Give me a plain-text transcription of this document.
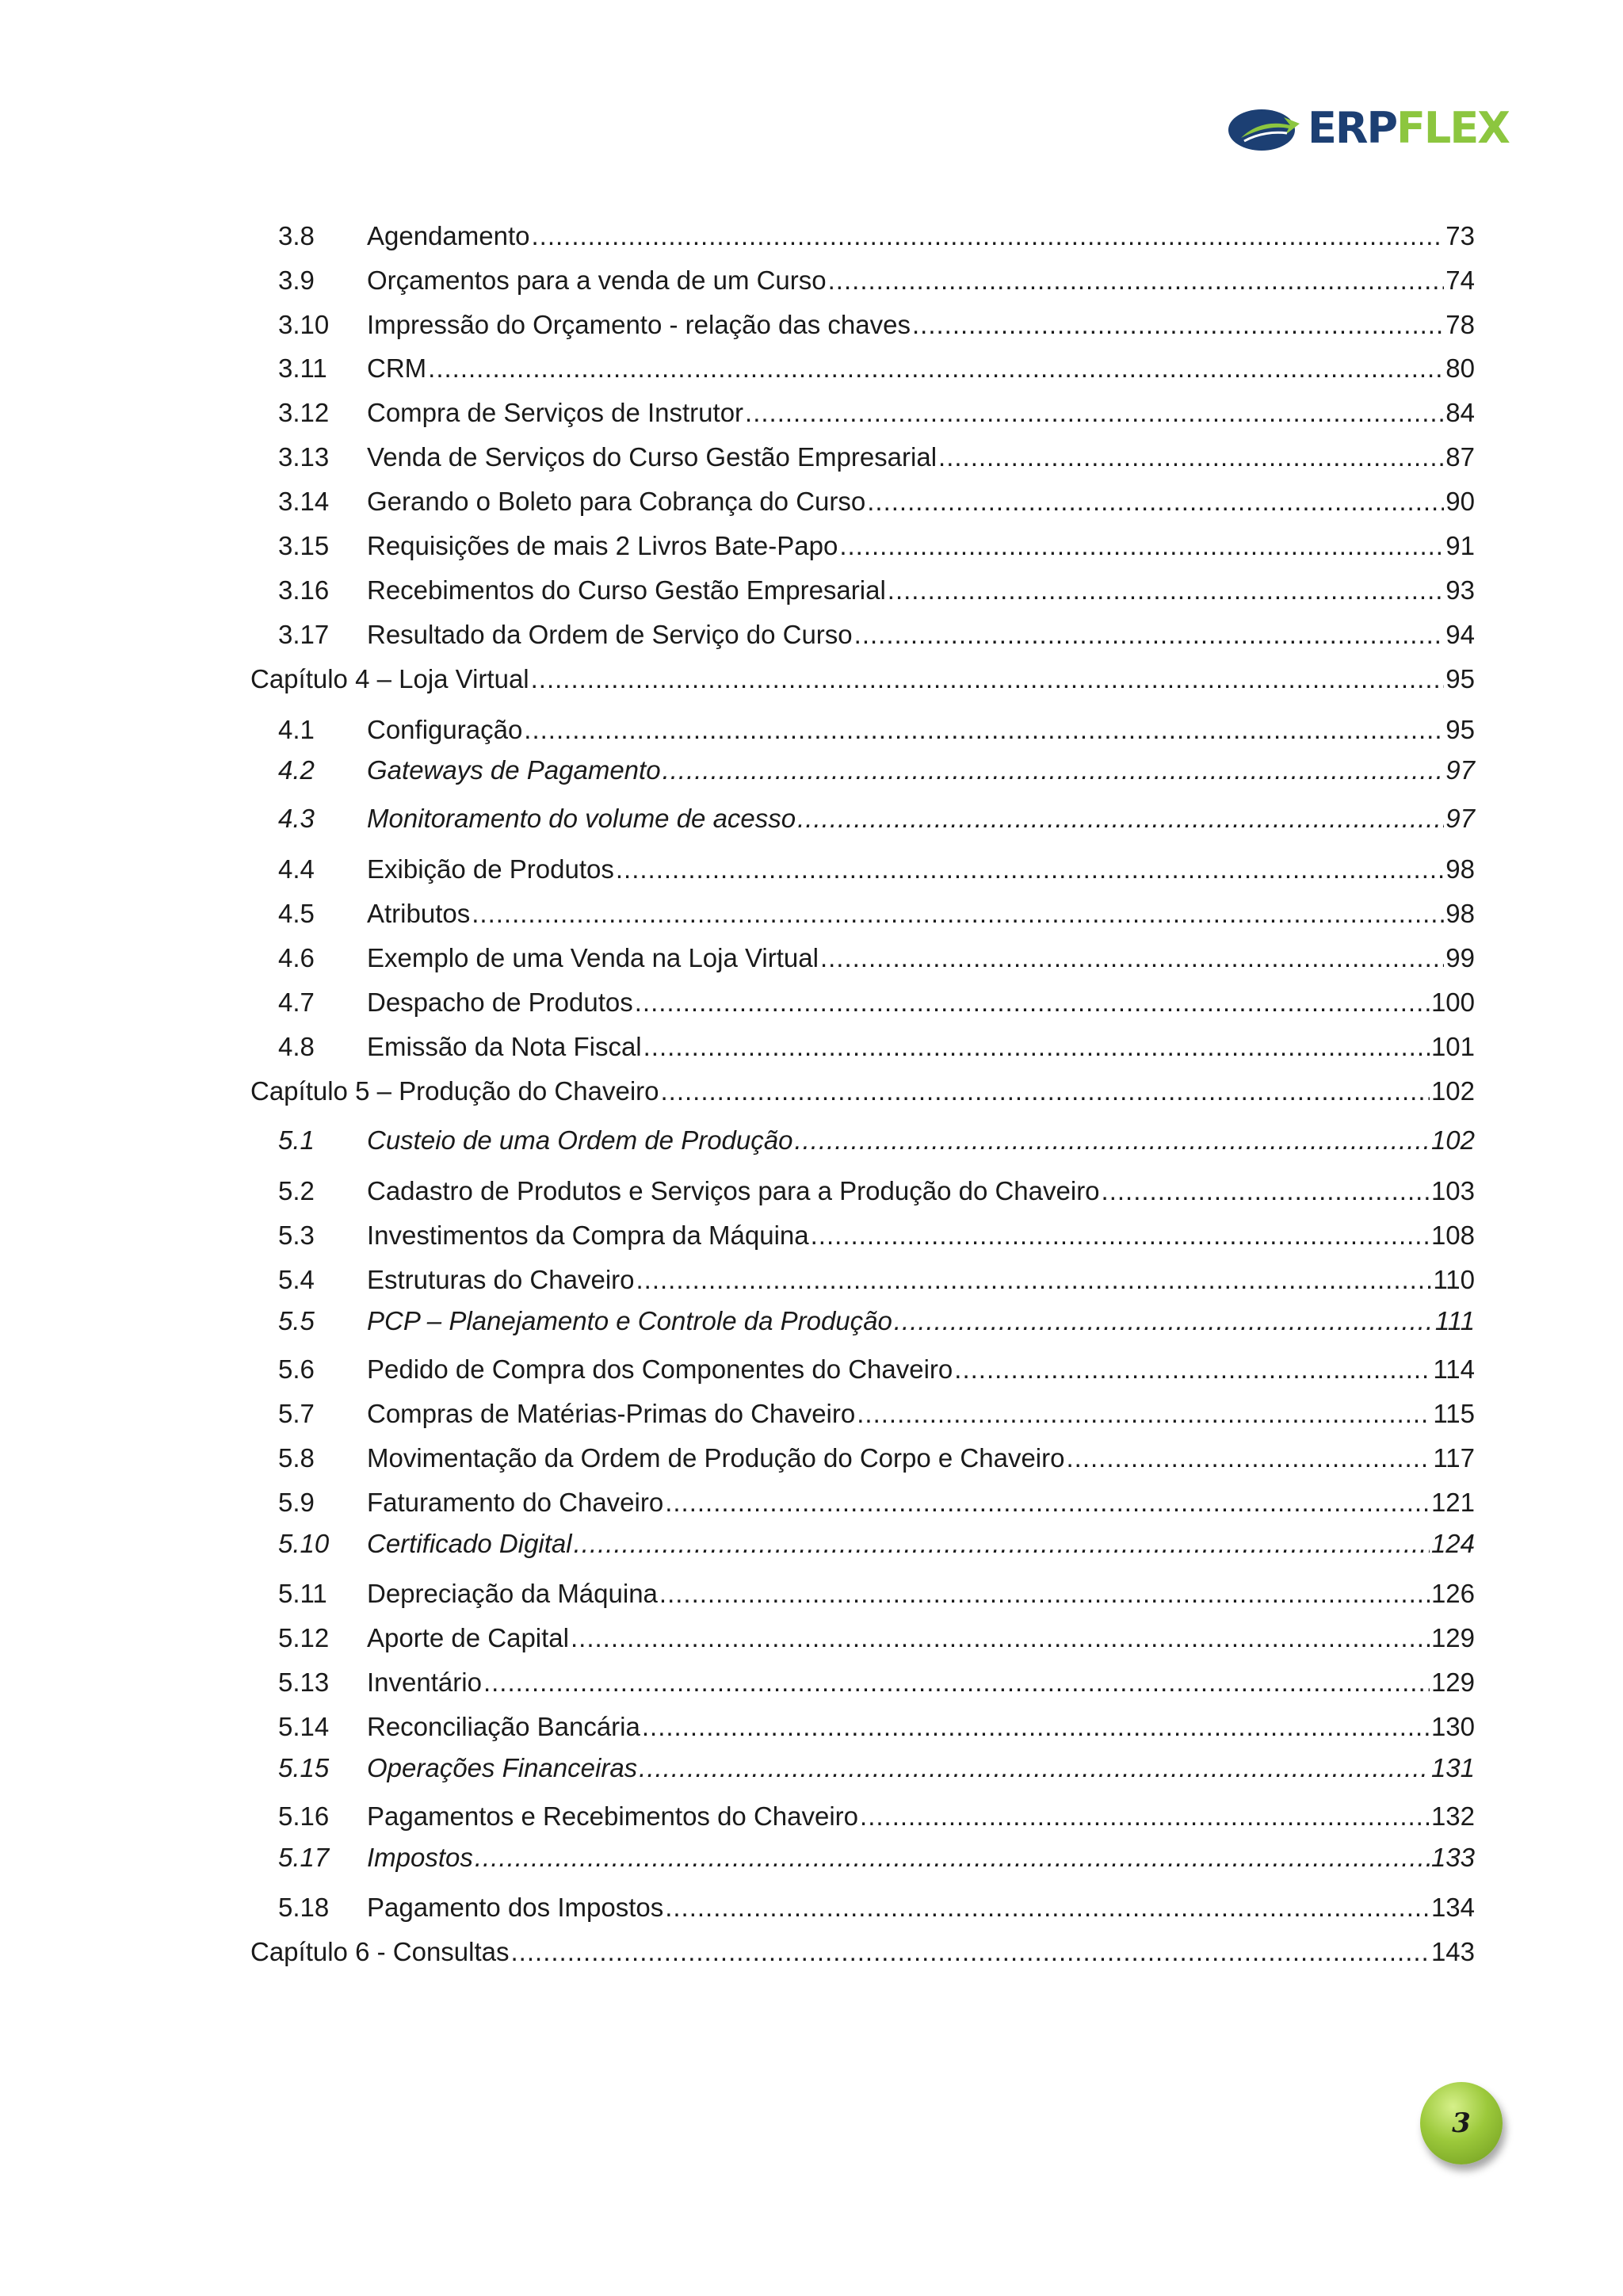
ERPFLEX
3.8	Agendamento .....	73
3.9	Orçamentos para a venda de um Curso .....	74
3.10	Impressão do Orçamento - relação das chaves .....	78
3.11	CRM .....	80
3.12	Compra de Serviços de Instrutor .....	84
3.13	Venda de Serviços do Curso Gestão Empresarial .....	87
3.14	Gerando o Boleto para Cobrança do Curso .....	90
3.15	Requisições de mais 2 Livros Bate-Papo .....	91
3.16	Recebimentos do Curso Gestão Empresarial .....	93
3.17	Resultado da Ordem de Serviço do Curso .....	94
Capítulo 4 – Loja Virtual .....	95
4.1	Configuração .....	95
4.2	Gateways de Pagamento .....	97
4.3	Monitoramento do volume de acesso .....	97
4.4	Exibição de Produtos .....	98
4.5	Atributos .....	98
4.6	Exemplo de uma Venda na Loja Virtual .....	99
4.7	Despacho de Produtos .....	100
4.8	Emissão da Nota Fiscal .....	101
Capítulo 5 – Produção do Chaveiro .....	102
5.1	Custeio de uma Ordem de Produção .....	102
5.2	Cadastro de Produtos e Serviços para a Produção do Chaveiro .....	103
5.3	Investimentos da Compra da Máquina .....	108
5.4	Estruturas do Chaveiro .....	110
5.5	PCP – Planejamento e Controle da Produção .....	111
5.6	Pedido de Compra dos Componentes do Chaveiro .....	114
5.7	Compras de Matérias-Primas do Chaveiro .....	115
5.8	Movimentação da Ordem de Produção do Corpo e Chaveiro .....	117
5.9	Faturamento do Chaveiro .....	121
5.10	Certificado Digital .....	124
5.11	Depreciação da Máquina .....	126
5.12	Aporte de Capital .....	129
5.13	Inventário .....	129
5.14	Reconciliação Bancária .....	130
5.15	Operações Financeiras .....	131
5.16	Pagamentos e Recebimentos do Chaveiro .....	132
5.17	Impostos .....	133
5.18	Pagamento dos Impostos .....	134
Capítulo 6 - Consultas .....	143
3
